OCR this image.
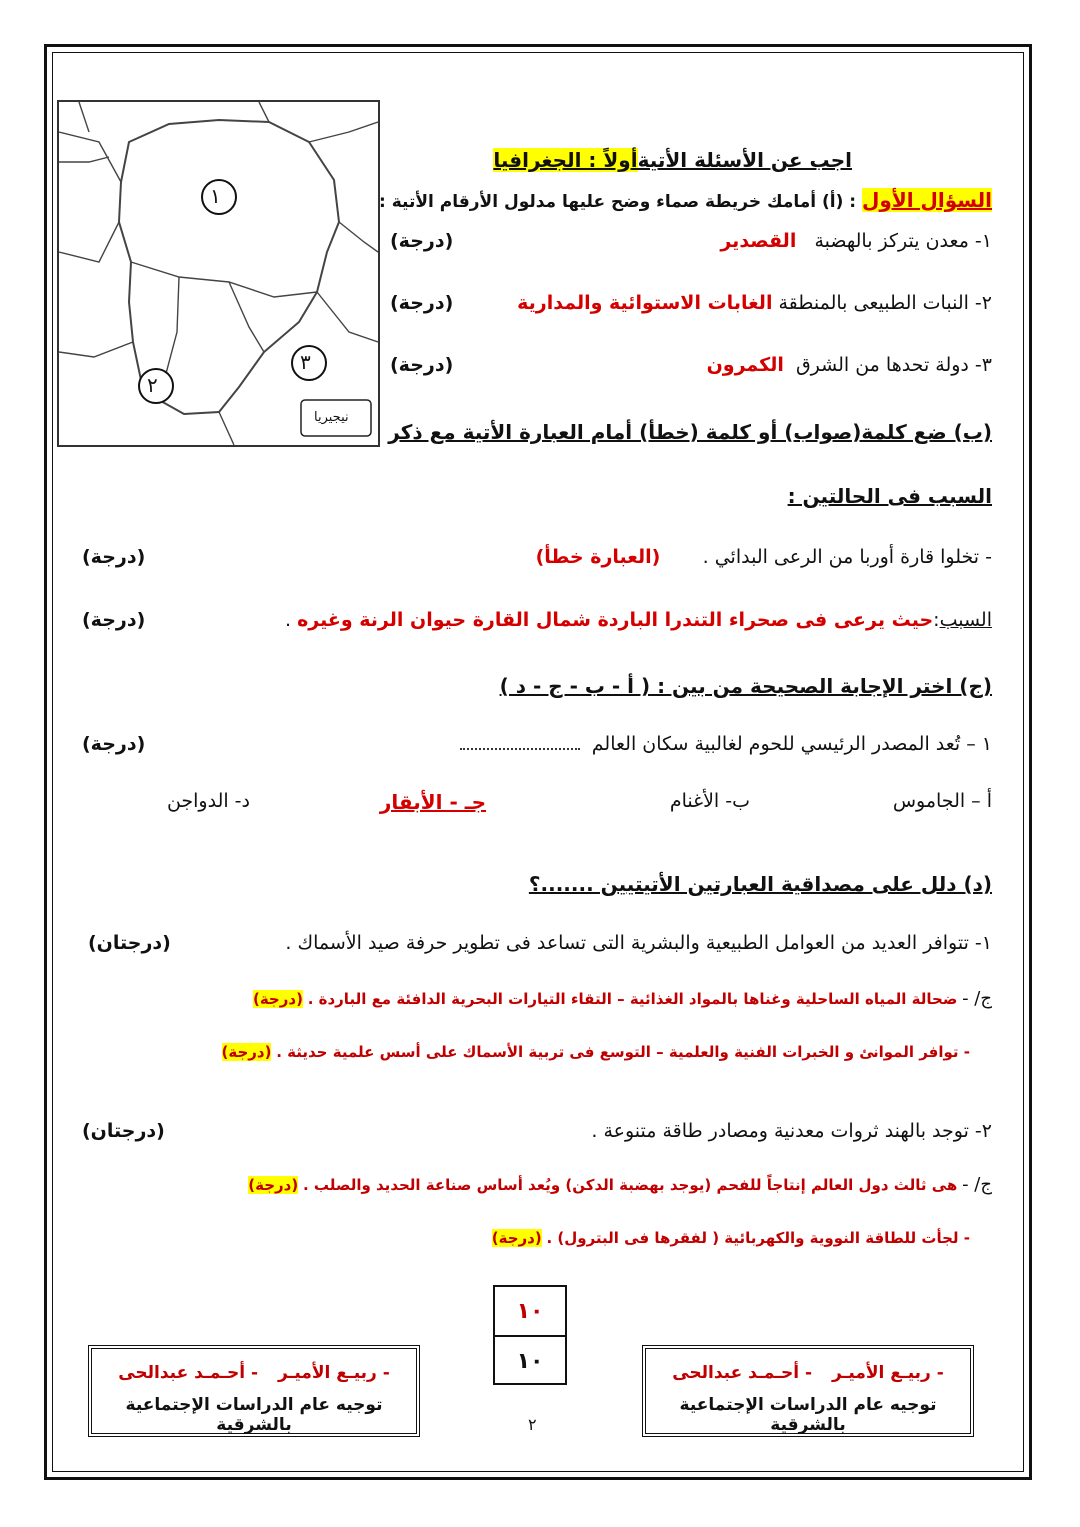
١
٢
٣
نيجيريا
اجب عن الأسئلة الأتيةأولاً : الجغرافيا
السؤال الأول : (أ) أمامك خريطة صماء وضح عليها مدلول الأرقام الأتية :
١- معدن يتركز بالهضبة   القصدير
(درجة)
٢- النبات الطبيعى بالمنطقة الغابات الاستوائية والمدارية
(درجة)
٣- دولة تحدها من الشرق  الكمرون
(درجة)
(ب) ضع كلمة(صواب) أو كلمة (خطأ) أمام العبارة الأتية مع ذكر
السبب فى الحالتين :
- تخلوا قارة أوربا من الرعى البدائي .       (العبارة خطأ)
(درجة)
السبب:حيث يرعى فى صحراء التندرا الباردة شمال القارة حيوان الرنة وغيره .
(درجة)
(ج) اختر الإجابة الصحيحة من بين : ( أ - ب - ج - د )
١ – تُعد المصدر الرئيسي للحوم لغالبية سكان العالم
(درجة)
أ – الجاموس
ب- الأغنام
جـ - الأبقار
د- الدواجن
(د) دلل على مصداقية العبارتين الأتيتيين .......؟
١- تتوافر العديد من العوامل الطبيعية والبشرية التى تساعد فى تطوير حرفة صيد الأسماك .
(درجتان)
ج/ - ضحالة المياه الساحلية وغناها بالمواد الغذائية – التقاء التيارات البحرية الدافئة مع الباردة . (درجة)
- توافر الموانئ و الخبرات الفنية والعلمية – التوسع فى تربية الأسماك على أسس علمية حديثة . (درجة)
٢- توجد بالهند ثروات معدنية ومصادر طاقة متنوعة .
(درجتان)
ج/ - هى ثالث دول العالم إنتاجاً للفحم (يوجد بهضبة الدكن) ويُعد أساس صناعة الحديد والصلب . (درجة)
- لجأت للطاقة النووية والكهربائية ( لفقرها فى البترول) . (درجة)
١٠
١٠
- ربيـع الأميـر- أحـمـد عبدالحى
توجيه عام الدراسات الإجتماعية بالشرقية
- ربيـع الأميـر- أحـمـد عبدالحى
توجيه عام الدراسات الإجتماعية بالشرقية
٢
